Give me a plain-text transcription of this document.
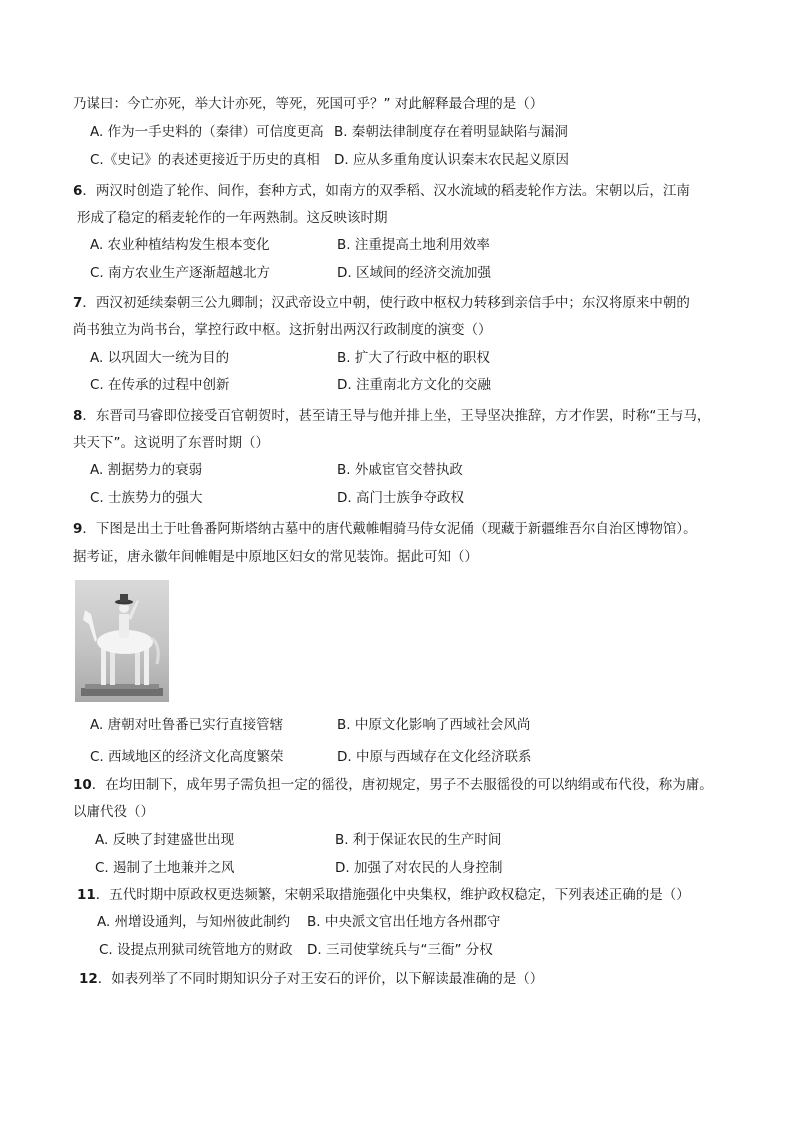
乃谋曰：今亡亦死，举大计亦死，等死，死国可乎？” 对此解释最合理的是（）
A. 作为一手史料的（秦律）可信度更高 B. 秦朝法律制度存在着明显缺陷与漏洞
C.《史记》的表述更接近于历史的真相 D. 应从多重角度认识秦末农民起义原因
6．两汉时创造了轮作、间作，套种方式，如南方的双季稻、汉水流域的稻麦轮作方法。宋朝以后，江南
形成了稳定的稻麦轮作的一年两熟制。这反映该时期
A. 农业种植结构发生根本变化	B. 注重提高土地利用效率
C. 南方农业生产逐渐超越北方	D. 区域间的经济交流加强
7．西汉初延续秦朝三公九卿制；汉武帝设立中朝，使行政中枢权力转移到亲信手中；东汉将原来中朝的
尚书独立为尚书台，掌控行政中枢。这折射出两汉行政制度的演变（）
A. 以巩固大一统为目的	B. 扩大了行政中枢的职权
C. 在传承的过程中创新	D. 注重南北方文化的交融
8．东晋司马睿即位接受百官朝贺时，甚至请王导与他并排上坐，王导坚决推辞，方才作罢，时称“王与马，
共天下”。这说明了东晋时期（）
A. 割据势力的衰弱	B. 外戚宦官交替执政
C. 士族势力的强大	D. 高门士族争夺政权
9．下图是出土于吐鲁番阿斯塔纳古墓中的唐代戴帷帽骑马侍女泥俑（现藏于新疆维吾尔自治区博物馆）。
据考证，唐永徽年间帷帽是中原地区妇女的常见装饰。据此可知（）
A. 唐朝对吐鲁番已实行直接管辖	B. 中原文化影响了西域社会风尚
C. 西域地区的经济文化高度繁荣	D. 中原与西域存在文化经济联系
10．在均田制下，成年男子需负担一定的徭役，唐初规定，男子不去服徭役的可以纳绢或布代役，称为庸。
以庸代役（）
A. 反映了封建盛世出现	B. 利于保证农民的生产时间
C. 遏制了土地兼并之风	D. 加强了对农民的人身控制
11．五代时期中原政权更迭频繁，宋朝采取措施强化中央集权，维护政权稳定，下列表述正确的是（）
A. 州增设通判，与知州彼此制约 B. 中央派文官出任地方各州郡守
C. 设提点刑狱司统管地方的财政 D. 三司使掌统兵与“三衙” 分权
12．如表列举了不同时期知识分子对王安石的评价，以下解读最准确的是（）
